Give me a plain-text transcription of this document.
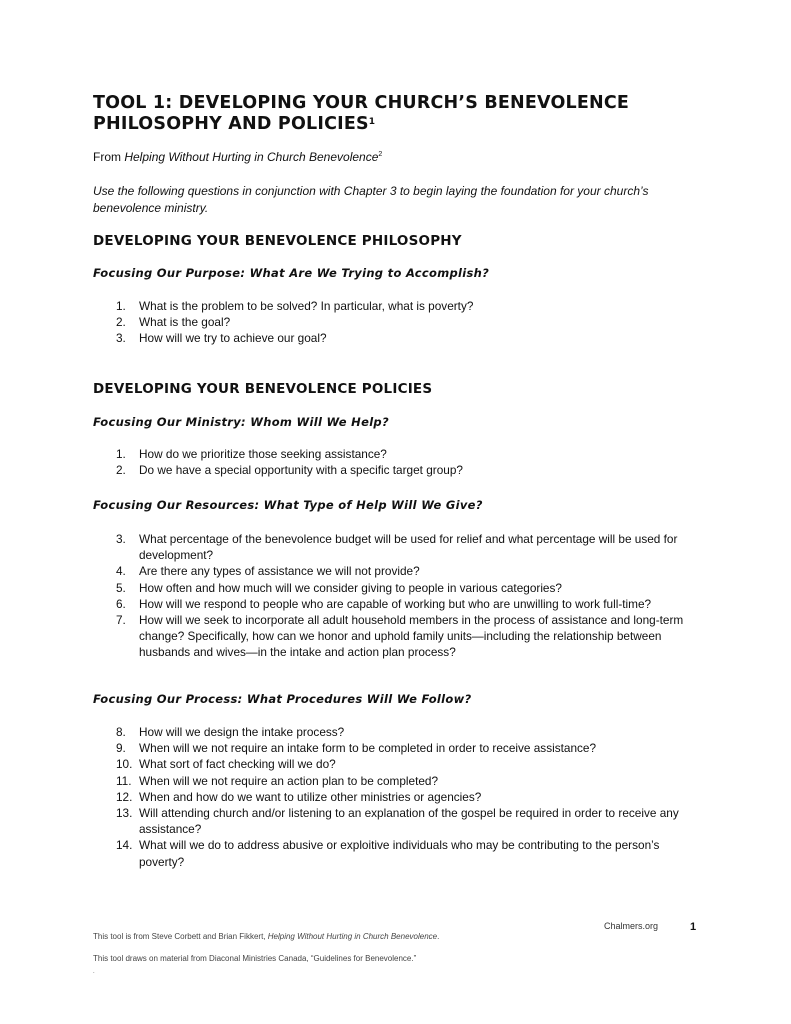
TOOL 1: DEVELOPING YOUR CHURCH’S BENEVOLENCE
PHILOSOPHY AND POLICIES$^1$
From Helping Without Hurting in Church Benevolence$^2$
Use the following questions in conjunction with Chapter 3 to begin laying the foundation for your church’s benevolence ministry.
DEVELOPING YOUR BENEVOLENCE PHILOSOPHY
Focusing Our Purpose: What Are We Trying to Accomplish?
1.	What is the problem to be solved? In particular, what is poverty?
2.	What is the goal?
3.	How will we try to achieve our goal?
DEVELOPING YOUR BENEVOLENCE POLICIES
Focusing Our Ministry: Whom Will We Help?
1.	How do we prioritize those seeking assistance?
2.	Do we have a special opportunity with a specific target group?
Focusing Our Resources: What Type of Help Will We Give?
3.	What percentage of the benevolence budget will be used for relief and what percentage will be used for development?
4.	Are there any types of assistance we will not provide?
5.	How often and how much will we consider giving to people in various categories?
6.	How will we respond to people who are capable of working but who are unwilling to work full-time?
7.	How will we seek to incorporate all adult household members in the process of assistance and long-term change? Specifically, how can we honor and uphold family units—including the relationship between husbands and wives—in the intake and action plan process?
Focusing Our Process: What Procedures Will We Follow?
8.	How will we design the intake process?
9.	When will we not require an intake form to be completed in order to receive assistance?
10. What sort of fact checking will we do?
11. When will we not require an action plan to be completed?
12. When and how do we want to utilize other ministries or agencies?
13. Will attending church and/or listening to an explanation of the gospel be required in order to receive any assistance?
14. What will we do to address abusive or exploitive individuals who may be contributing to the person’s poverty?
Chalmers.org	1
This tool is from Steve Corbett and Brian Fikkert, Helping Without Hurting in Church Benevolence.
This tool draws on material from Diaconal Ministries Canada, “Guidelines for Benevolence.”
.
